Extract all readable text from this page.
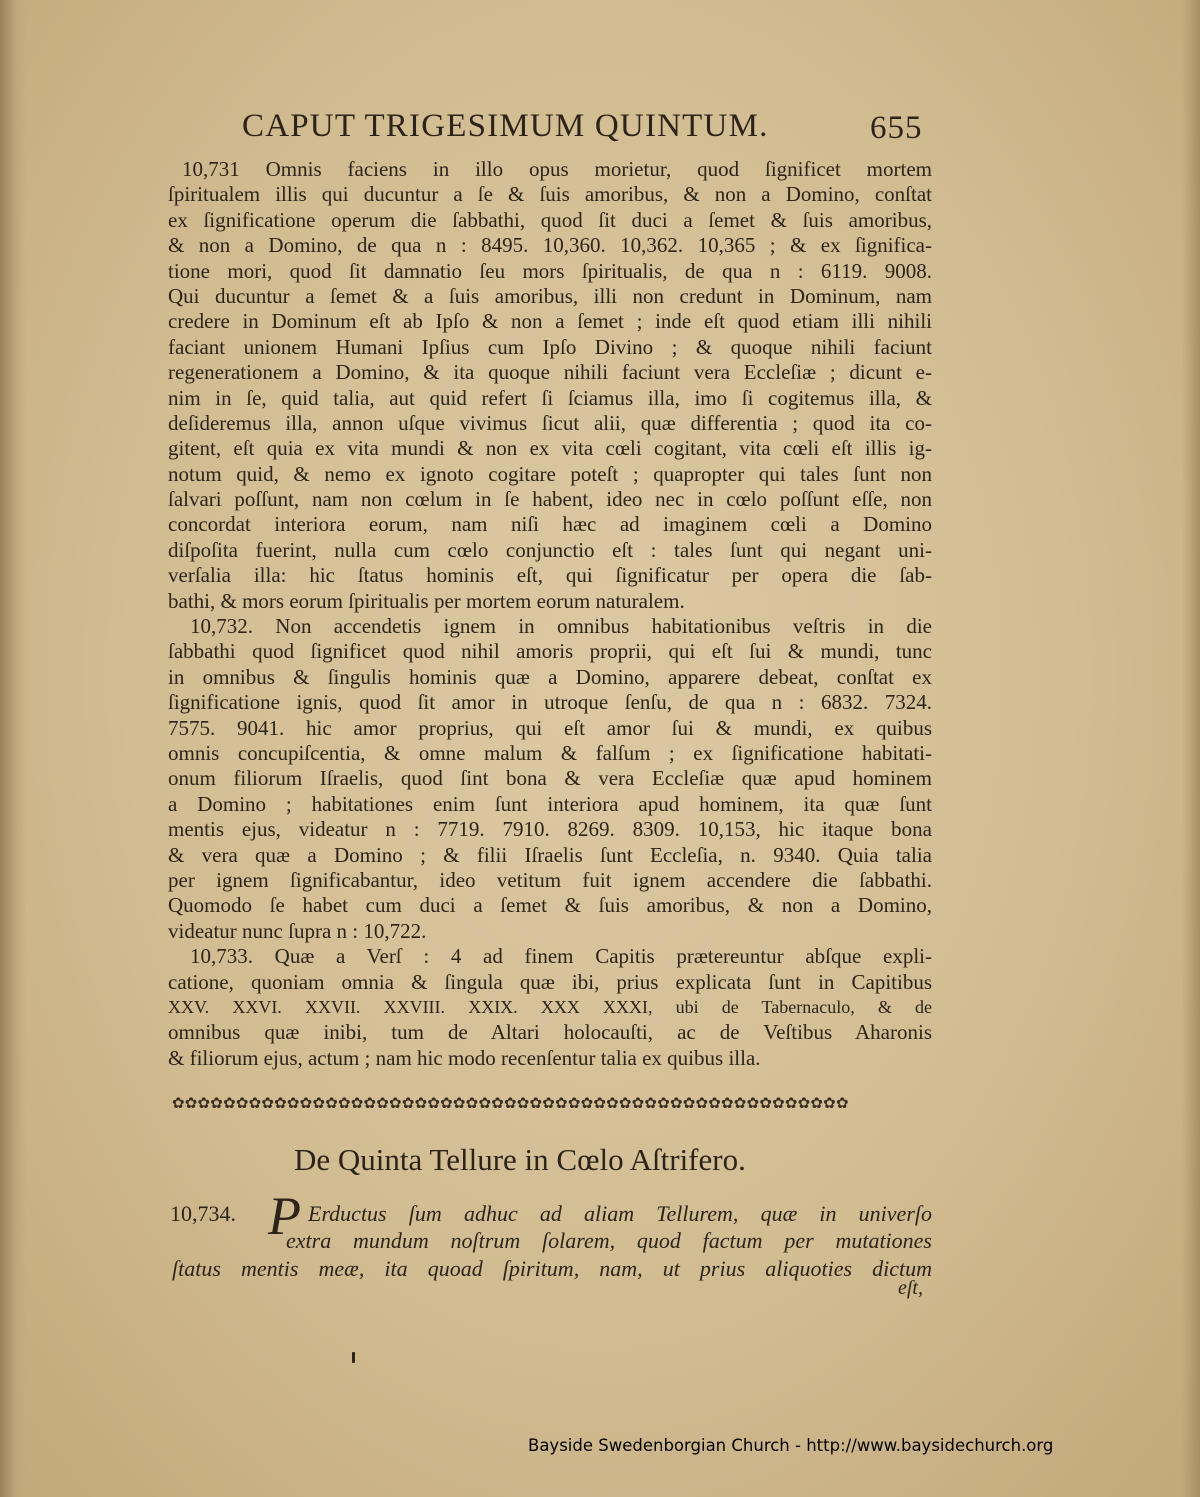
CAPUT TRIGESIMUM QUINTUM.	655
10,731 Omnis faciens in illo opus morietur, quod ſignificet mortem
ſpiritualem illis qui ducuntur a ſe & ſuis amoribus, & non a Domino, conſtat
ex ſignificatione operum die ſabbathi, quod ſit duci a ſemet & ſuis amoribus,
& non a Domino, de qua n : 8495. 10,360. 10,362. 10,365 ; & ex ſignifica-
tione mori, quod ſit damnatio ſeu mors ſpiritualis, de qua n : 6119. 9008.
Qui ducuntur a ſemet & a ſuis amoribus, illi non credunt in Dominum, nam
credere in Dominum eſt ab Ipſo & non a ſemet ; inde eſt quod etiam illi nihili
faciant unionem Humani Ipſius cum Ipſo Divino ; & quoque nihili faciunt
regenerationem a Domino, & ita quoque nihili faciunt vera Eccleſiæ ; dicunt e-
nim in ſe, quid talia, aut quid refert ſi ſciamus illa, imo ſi cogitemus illa, &
deſideremus illa, annon uſque vivimus ſicut alii, quæ differentia ; quod ita co-
gitent, eſt quia ex vita mundi & non ex vita cœli cogitant, vita cœli eſt illis ig-
notum quid, & nemo ex ignoto cogitare poteſt ; quapropter qui tales ſunt non
ſalvari poſſunt, nam non cœlum in ſe habent, ideo nec in cœlo poſſunt eſſe, non
concordat interiora eorum, nam niſi hæc ad imaginem cœli a Domino
diſpoſita fuerint, nulla cum cœlo conjunctio eſt : tales ſunt qui negant uni-
verſalia illa: hic ſtatus hominis eſt, qui ſignificatur per opera die ſab-
bathi, & mors eorum ſpiritualis per mortem eorum naturalem.
10,732. Non accendetis ignem in omnibus habitationibus veſtris in die
ſabbathi quod ſignificet quod nihil amoris proprii, qui eſt ſui & mundi, tunc
in omnibus & ſingulis hominis quæ a Domino, apparere debeat, conſtat ex
ſignificatione ignis, quod ſit amor in utroque ſenſu, de qua n : 6832. 7324.
7575. 9041. hic amor proprius, qui eſt amor ſui & mundi, ex quibus
omnis concupiſcentia, & omne malum & falſum ; ex ſignificatione habitati-
onum filiorum Iſraelis, quod ſint bona & vera Eccleſiæ quæ apud hominem
a Domino ; habitationes enim ſunt interiora apud hominem, ita quæ ſunt
mentis ejus, videatur n : 7719. 7910. 8269. 8309. 10,153, hic itaque bona
& vera quæ a Domino ; & filii Iſraelis ſunt Eccleſia, n. 9340. Quia talia
per ignem ſignificabantur, ideo vetitum fuit ignem accendere die ſabbathi.
Quomodo ſe habet cum duci a ſemet & ſuis amoribus, & non a Domino,
videatur nunc ſupra n : 10,722.
10,733. Quæ a Verſ : 4 ad finem Capitis prætereuntur abſque expli-
catione, quoniam omnia & ſingula quæ ibi, prius explicata ſunt in Capitibus
XXV. XXVI. XXVII. XXVIII. XXIX. XXX XXXI, ubi de Tabernaculo, & de
omnibus quæ inibi, tum de Altari holocauſti, ac de Veſtibus Aharonis
& filiorum ejus, actum ; nam hic modo recenſentur talia ex quibus illa.
✿✿✿✿✿✿✿✿✿✿✿✿✿✿✿✿✿✿✿✿✿✿✿✿✿✿✿✿✿✿✿✿✿✿✿✿✿✿✿✿✿✿✿✿✿✿✿✿✿✿✿✿✿
De Quinta Tellure in Cœlo Aſtrifero.
10,734. P Erductus ſum adhuc ad aliam Tellurem, quæ in univerſo
extra mundum noſtrum ſolarem, quod factum per mutationes
ſtatus mentis meæ, ita quoad ſpiritum, nam, ut prius aliquoties dictum
eſt,
Bayside Swedenborgian Church - http://www.baysidechurch.org
